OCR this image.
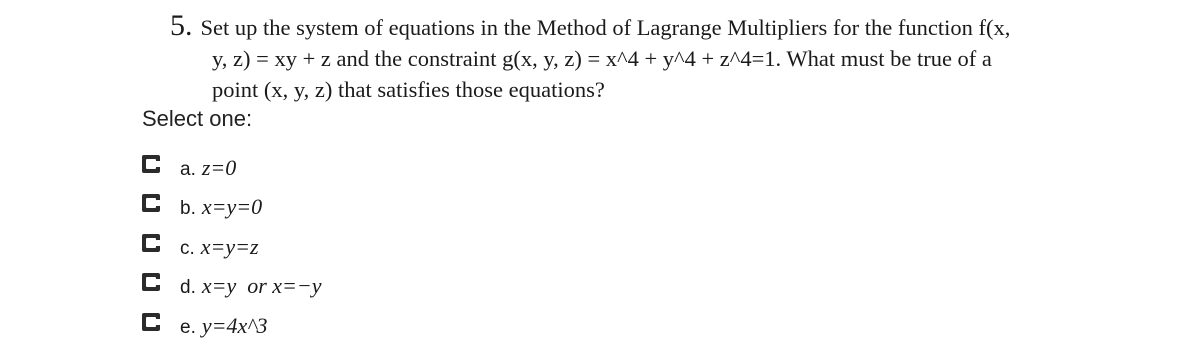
5. Set up the system of equations in the Method of Lagrange Multipliers for the function f(x,
y, z) = xy + z and the constraint g(x, y, z) = x^4 + y^4 + z^4=1. What must be true of a
point (x, y, z) that satisfies those equations?
Select one:
a. z=0
b. x=y=0
c. x=y=z
d. x=y  or x=−y
e. y=4x^3
